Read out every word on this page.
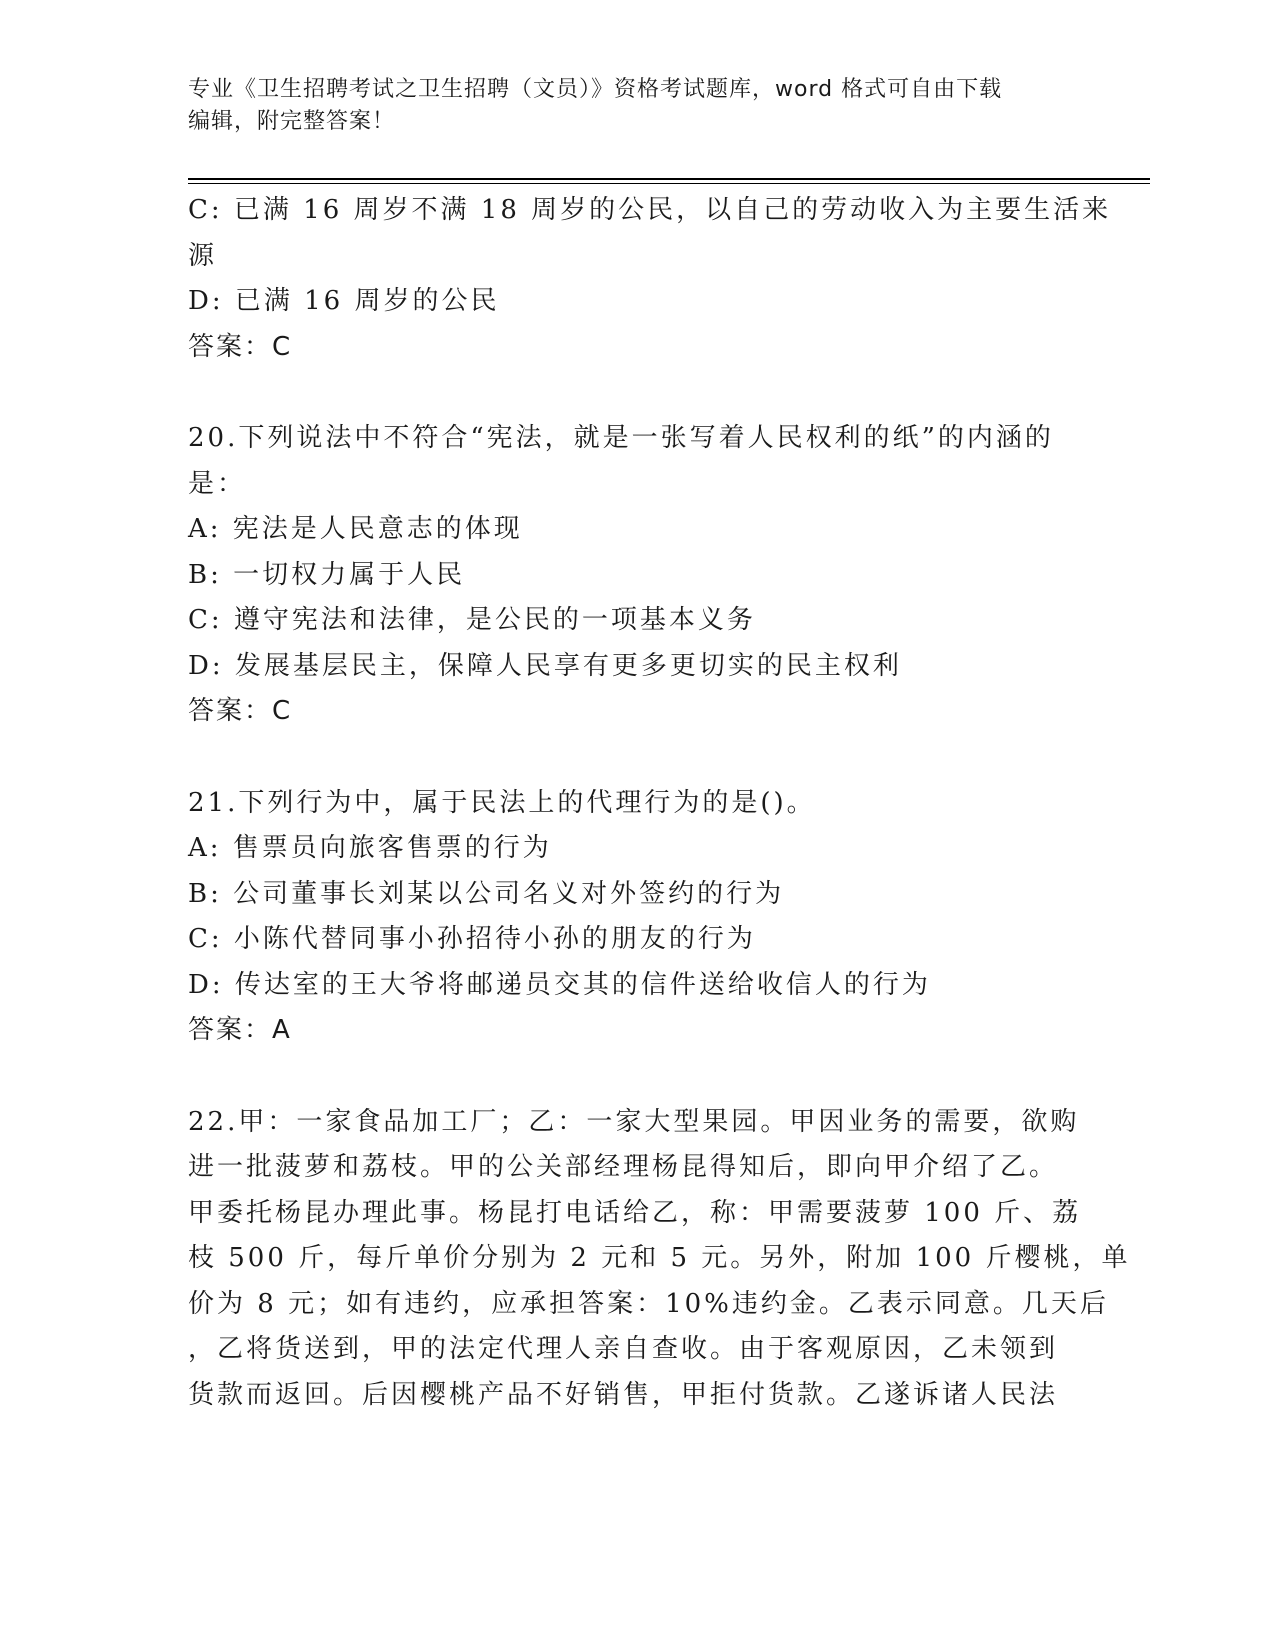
专业《卫生招聘考试之卫生招聘（文员）》资格考试题库，word 格式可自由下载
编辑，附完整答案！
C: 已满 16 周岁不满 18 周岁的公民，以自己的劳动收入为主要生活来
源
D: 已满 16 周岁的公民
答案：C
20.下列说法中不符合“宪法，就是一张写着人民权利的纸”的内涵的
是：
A: 宪法是人民意志的体现
B: 一切权力属于人民
C: 遵守宪法和法律，是公民的一项基本义务
D: 发展基层民主，保障人民享有更多更切实的民主权利
答案：C
21.下列行为中，属于民法上的代理行为的是()。
A: 售票员向旅客售票的行为
B: 公司董事长刘某以公司名义对外签约的行为
C: 小陈代替同事小孙招待小孙的朋友的行为
D: 传达室的王大爷将邮递员交其的信件送给收信人的行为
答案：A
22.甲：一家食品加工厂；乙：一家大型果园。甲因业务的需要，欲购
进一批菠萝和荔枝。甲的公关部经理杨昆得知后，即向甲介绍了乙。
甲委托杨昆办理此事。杨昆打电话给乙，称：甲需要菠萝 100 斤、荔
枝 500 斤，每斤单价分别为 2 元和 5 元。另外，附加 100 斤樱桃，单
价为 8 元；如有违约，应承担答案：10%违约金。乙表示同意。几天后
，乙将货送到，甲的法定代理人亲自查收。由于客观原因，乙未领到
货款而返回。后因樱桃产品不好销售，甲拒付货款。乙遂诉诸人民法
